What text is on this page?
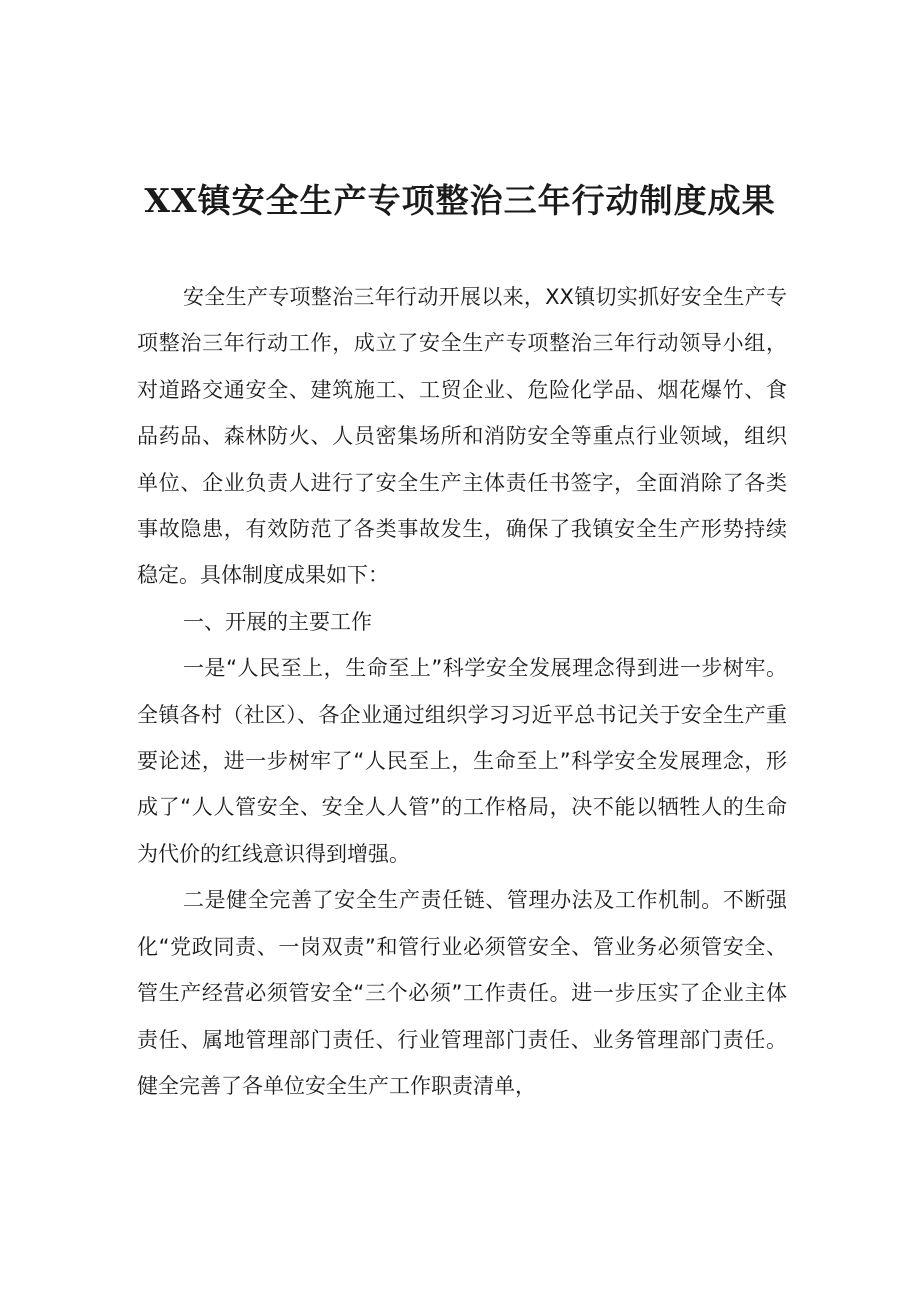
XX镇安全生产专项整治三年行动制度成果

安全生产专项整治三年行动开展以来，XX镇切实抓好安全生产专项整治三年行动工作，成立了安全生产专项整治三年行动领导小组，对道路交通安全、建筑施工、工贸企业、危险化学品、烟花爆竹、食品药品、森林防火、人员密集场所和消防安全等重点行业领域，组织单位、企业负责人进行了安全生产主体责任书签字，全面消除了各类事故隐患，有效防范了各类事故发生，确保了我镇安全生产形势持续稳定。具体制度成果如下：

一、开展的主要工作

一是“人民至上，生命至上”科学安全发展理念得到进一步树牢。全镇各村（社区）、各企业通过组织学习习近平总书记关于安全生产重要论述，进一步树牢了“人民至上，生命至上”科学安全发展理念，形成了“人人管安全、安全人人管”的工作格局，决不能以牺牲人的生命为代价的红线意识得到增强。

二是健全完善了安全生产责任链、管理办法及工作机制。不断强化“党政同责、一岗双责”和管行业必须管安全、管业务必须管安全、管生产经营必须管安全“三个必须”工作责任。进一步压实了企业主体责任、属地管理部门责任、行业管理部门责任、业务管理部门责任。健全完善了各单位安全生产工作职责清单，
